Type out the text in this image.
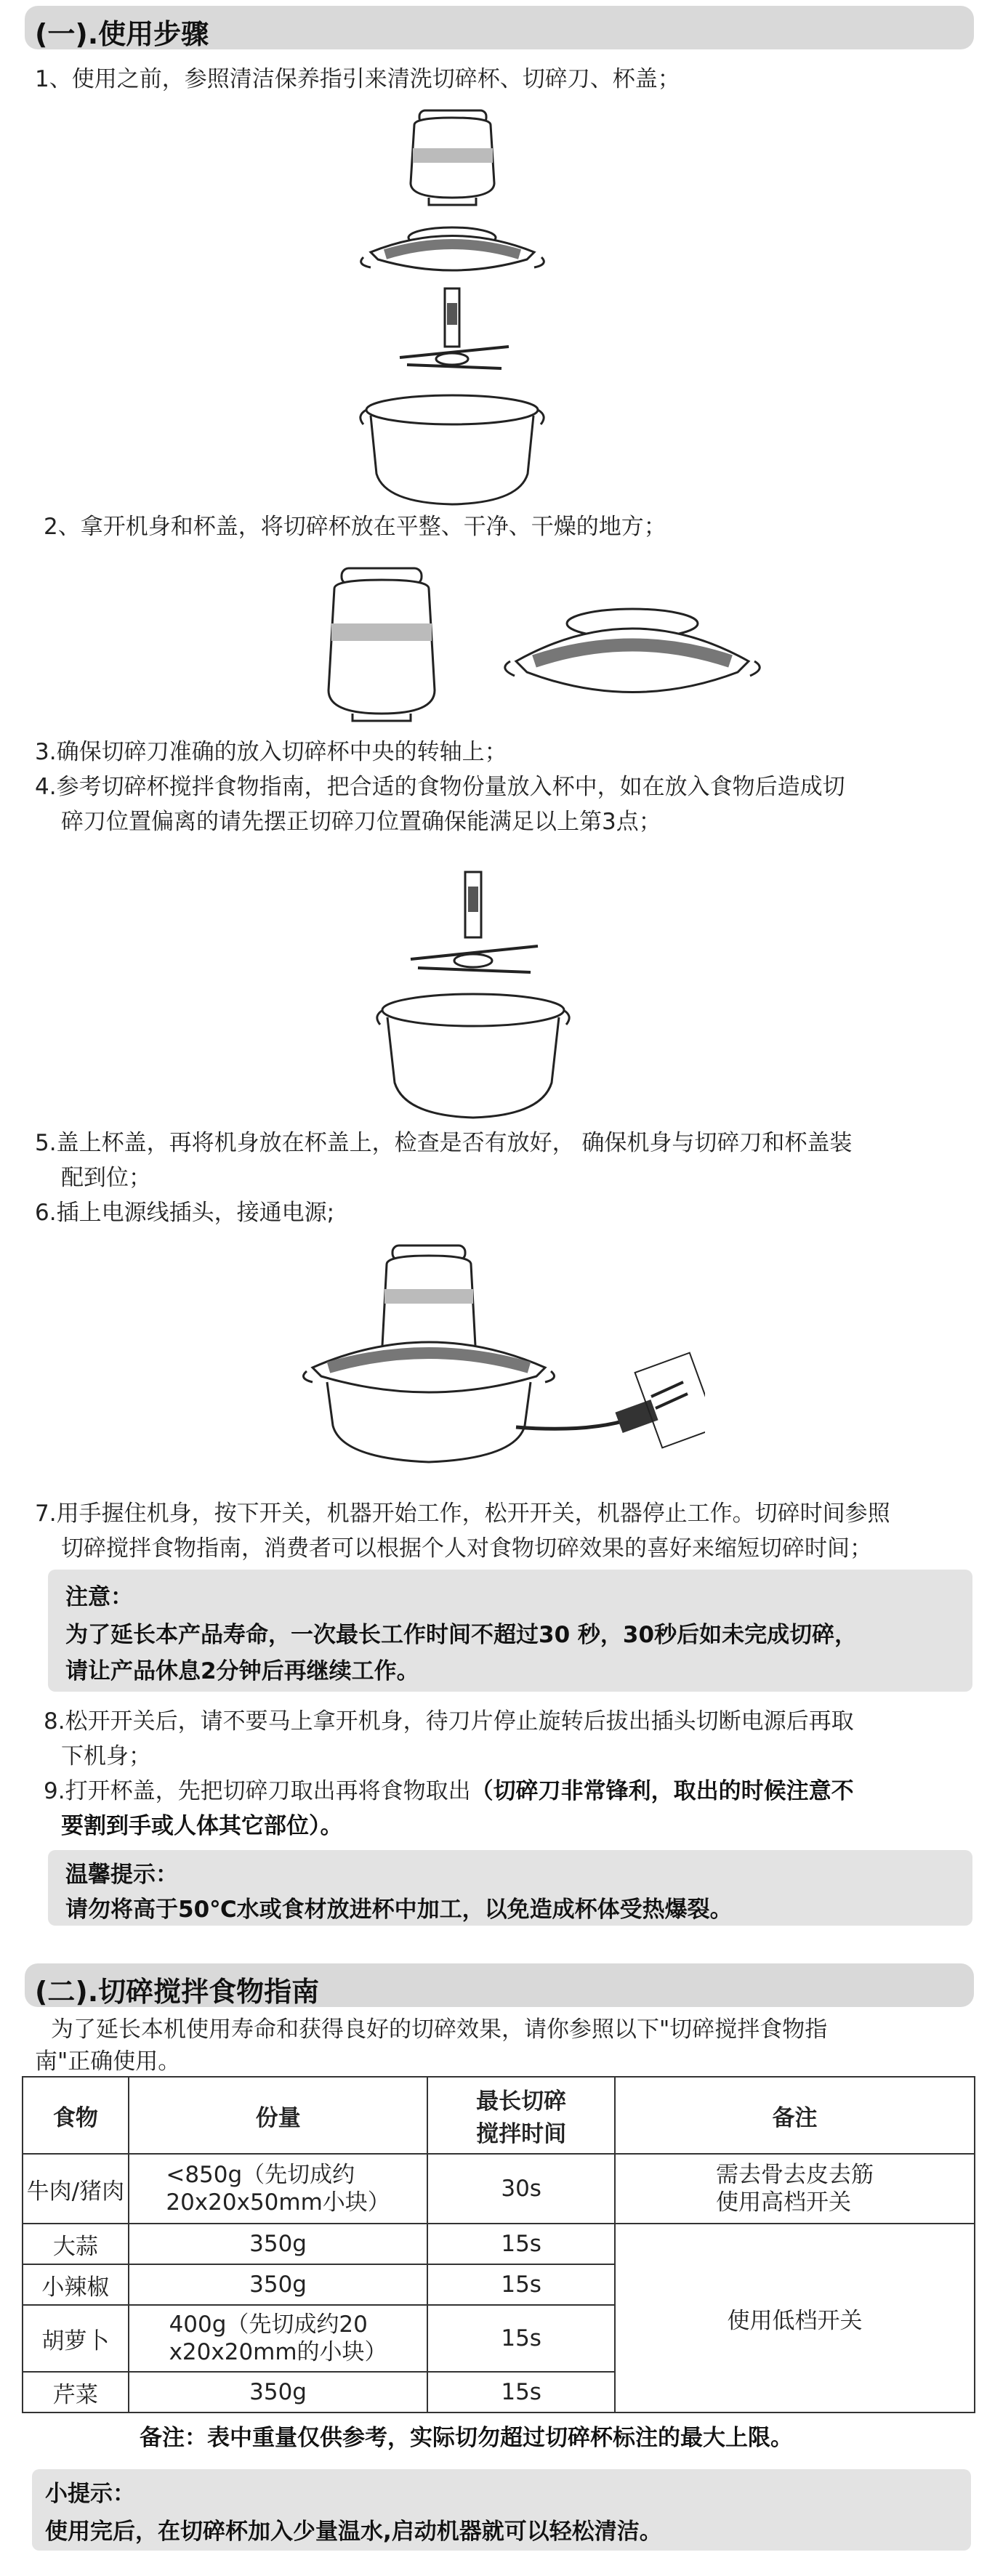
(一).使用步骤
1、使用之前，参照清洁保养指引来清洗切碎杯、切碎刀、杯盖；
2、拿开机身和杯盖，将切碎杯放在平整、干净、干燥的地方；
3.确保切碎刀准确的放入切碎杯中央的转轴上；
4.参考切碎杯搅拌食物指南，把合适的食物份量放入杯中，如在放入食物后造成切
碎刀位置偏离的请先摆正切碎刀位置确保能满足以上第3点；
5.盖上杯盖，再将机身放在杯盖上，检查是否有放好， 确保机身与切碎刀和杯盖装
配到位；
6.插上电源线插头，接通电源;
7.用手握住机身，按下开关，机器开始工作，松开开关，机器停止工作。切碎时间参照
切碎搅拌食物指南，消费者可以根据个人对食物切碎效果的喜好来缩短切碎时间；
注意：
为了延长本产品寿命，一次最长工作时间不超过30 秒，30秒后如未完成切碎，
请让产品休息2分钟后再继续工作。
8.松开开关后，请不要马上拿开机身，待刀片停止旋转后拔出插头切断电源后再取
下机身；
9.打开杯盖，先把切碎刀取出再将食物取出（切碎刀非常锋利，取出的时候注意不
要割到手或人体其它部位）。
温馨提示：
请勿将高于50℃水或食材放进杯中加工，以免造成杯体受热爆裂。
(二).切碎搅拌食物指南
为了延长本机使用寿命和获得良好的切碎效果，请你参照以下"切碎搅拌食物指
南"正确使用。
食物	份量	最长切碎
搅拌时间	备注
牛肉/猪肉	<850g（先切成约
20x20x50mm小块）	30s	需去骨去皮去筋
使用高档开关
大蒜	350g	15s	使用低档开关
小辣椒	350g	15s	
胡萝卜	400g（先切成约20
x20x20mm的小块）	15s	
芹菜	350g	15s	
备注：表中重量仅供参考，实际切勿超过切碎杯标注的最大上限。
小提示：
使用完后，在切碎杯加入少量温水,启动机器就可以轻松清洁。
